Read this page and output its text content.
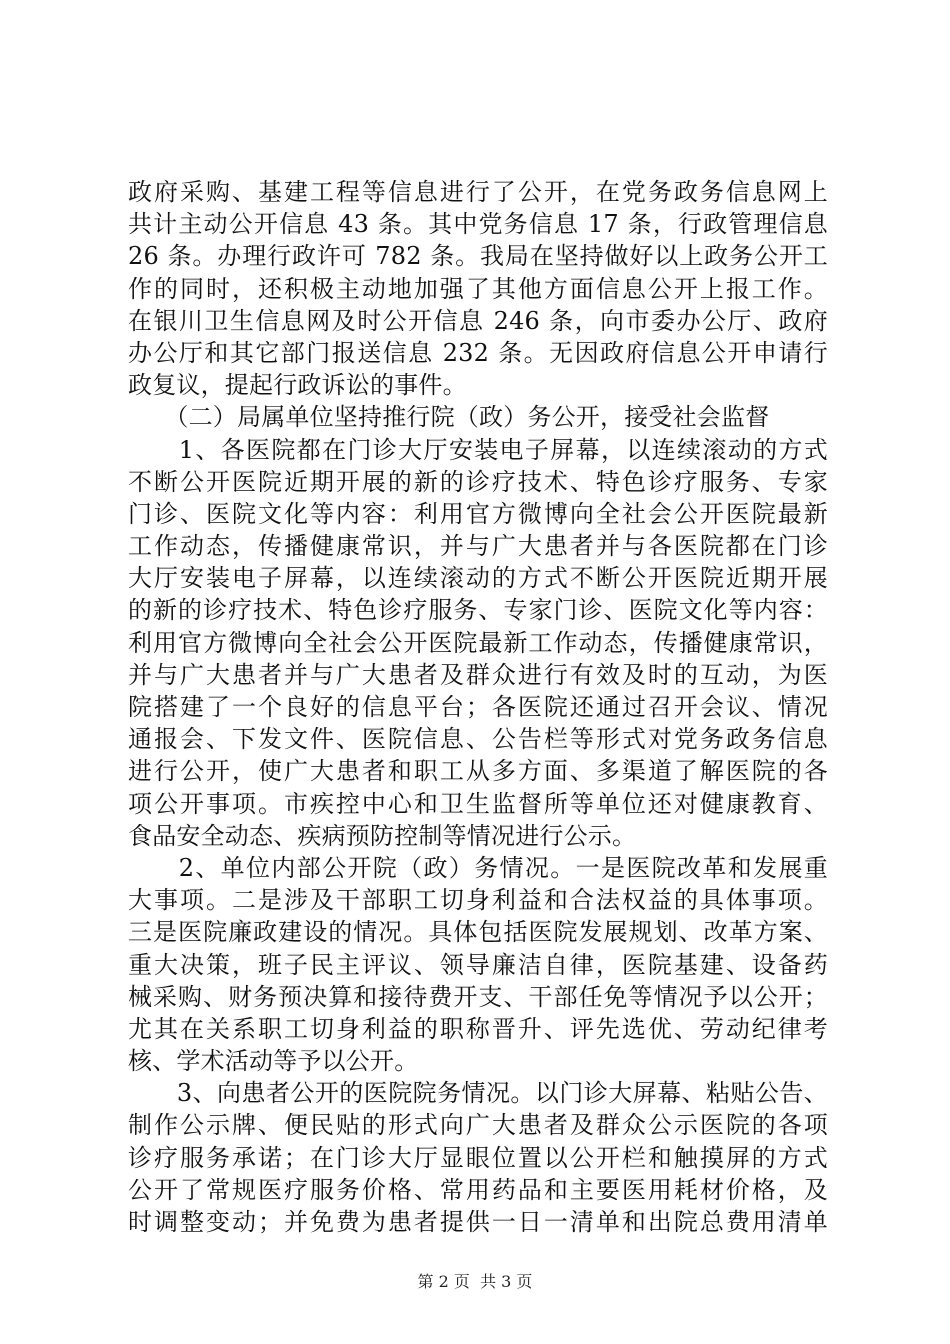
政府采购、基建工程等信息进行了公开，在党务政务信息网上
共计主动公开信息 43 条。其中党务信息 17 条，行政管理信息
26 条。办理行政许可 782 条。我局在坚持做好以上政务公开工
作的同时，还积极主动地加强了其他方面信息公开上报工作。
在银川卫生信息网及时公开信息 246 条，向市委办公厅、政府
办公厅和其它部门报送信息 232 条。无因政府信息公开申请行
政复议，提起行政诉讼的事件。
　　（二）局属单位坚持推行院（政）务公开，接受社会监督
　　1、各医院都在门诊大厅安装电子屏幕，以连续滚动的方式
不断公开医院近期开展的新的诊疗技术、特色诊疗服务、专家
门诊、医院文化等内容：利用官方微博向全社会公开医院最新
工作动态，传播健康常识，并与广大患者并与各医院都在门诊
大厅安装电子屏幕，以连续滚动的方式不断公开医院近期开展
的新的诊疗技术、特色诊疗服务、专家门诊、医院文化等内容：
利用官方微博向全社会公开医院最新工作动态，传播健康常识，
并与广大患者并与广大患者及群众进行有效及时的互动，为医
院搭建了一个良好的信息平台；各医院还通过召开会议、情况
通报会、下发文件、医院信息、公告栏等形式对党务政务信息
进行公开，使广大患者和职工从多方面、多渠道了解医院的各
项公开事项。市疾控中心和卫生监督所等单位还对健康教育、
食品安全动态、疾病预防控制等情况进行公示。
　　2、单位内部公开院（政）务情况。一是医院改革和发展重
大事项。二是涉及干部职工切身利益和合法权益的具体事项。
三是医院廉政建设的情况。具体包括医院发展规划、改革方案、
重大决策，班子民主评议、领导廉洁自律，医院基建、设备药
械采购、财务预决算和接待费开支、干部任免等情况予以公开；
尤其在关系职工切身利益的职称晋升、评先选优、劳动纪律考
核、学术活动等予以公开。
　　3、向患者公开的医院院务情况。以门诊大屏幕、粘贴公告、
制作公示牌、便民贴的形式向广大患者及群众公示医院的各项
诊疗服务承诺；在门诊大厅显眼位置以公开栏和触摸屏的方式
公开了常规医疗服务价格、常用药品和主要医用耗材价格，及
时调整变动；并免费为患者提供一日一清单和出院总费用清单
第 2 页  共 3 页
